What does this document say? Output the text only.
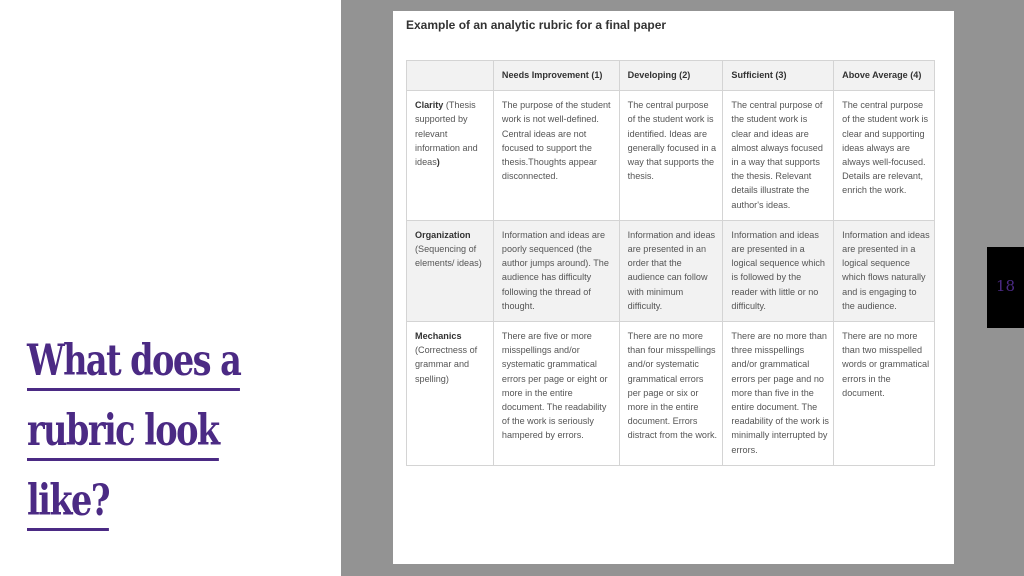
What does a
rubric look
like?
18
Example of an analytic rubric for a final paper
	Needs Improvement (1)	Developing (2)	Sufficient (3)	Above Average (4)
Clarity (Thesis supported by relevant information and ideas)	The purpose of the student work is not well-defined. Central ideas are not focused to support the thesis.Thoughts appear disconnected.	The central purpose of the student work is identified. Ideas are generally focused in a way that supports the thesis.	The central purpose of the student work is clear and ideas are almost always focused in a way that supports the thesis. Relevant details illustrate the author's ideas.	The central purpose of the student work is clear and supporting ideas always are always well-focused. Details are relevant, enrich the work.
Organization (Sequencing of elements/ ideas)	Information and ideas are poorly sequenced (the author jumps around). The audience has difficulty following the thread of thought.	Information and ideas are presented in an order that the audience can follow with minimum difficulty.	Information and ideas are presented in a logical sequence which is followed by the reader with little or no difficulty.	Information and ideas are presented in a logical sequence which flows naturally and is engaging to the audience.
Mechanics (Correctness of grammar and spelling)	There are five or more misspellings and/or systematic grammatical errors per page or eight or more in the entire document. The readability of the work is seriously hampered by errors.	There are no more than four misspellings and/or systematic grammatical errors per page or six or more in the entire document. Errors distract from the work.	There are no more than three misspellings and/or grammatical errors per page and no more than five in the entire document. The readability of the work is minimally interrupted by errors.	There are no more than two misspelled words or grammatical errors in the document.
